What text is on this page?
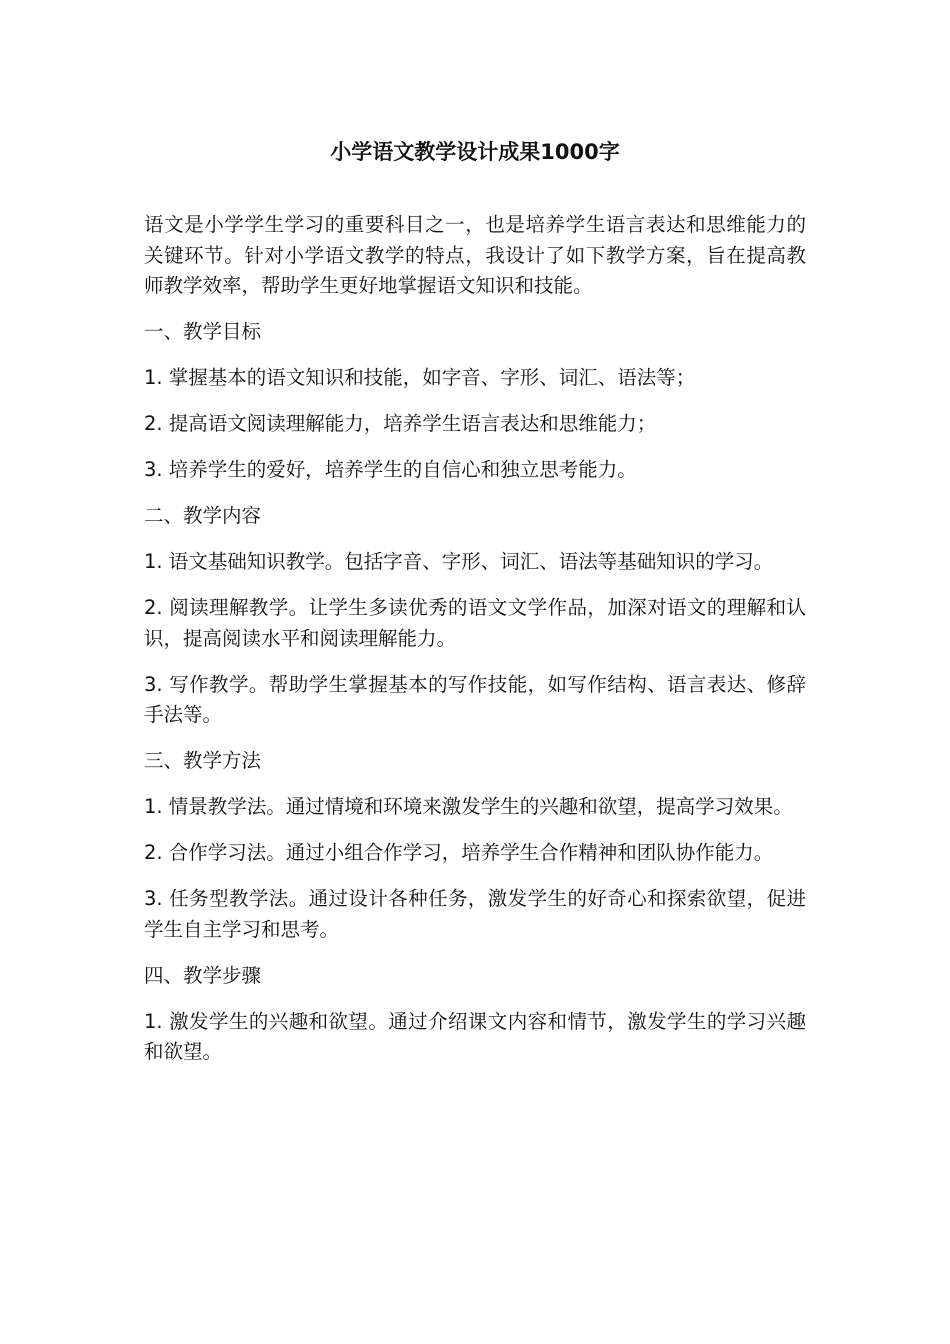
小学语文教学设计成果1000字

语文是小学学生学习的重要科目之一，也是培养学生语言表达和思维能力的关键环节。针对小学语文教学的特点，我设计了如下教学方案，旨在提高教师教学效率，帮助学生更好地掌握语文知识和技能。

一、教学目标

1. 掌握基本的语文知识和技能，如字音、字形、词汇、语法等；

2. 提高语文阅读理解能力，培养学生语言表达和思维能力；

3. 培养学生的爱好，培养学生的自信心和独立思考能力。

二、教学内容

1. 语文基础知识教学。包括字音、字形、词汇、语法等基础知识的学习。

2. 阅读理解教学。让学生多读优秀的语文文学作品，加深对语文的理解和认识，提高阅读水平和阅读理解能力。

3. 写作教学。帮助学生掌握基本的写作技能，如写作结构、语言表达、修辞手法等。

三、教学方法

1. 情景教学法。通过情境和环境来激发学生的兴趣和欲望，提高学习效果。

2. 合作学习法。通过小组合作学习，培养学生合作精神和团队协作能力。

3. 任务型教学法。通过设计各种任务，激发学生的好奇心和探索欲望，促进学生自主学习和思考。

四、教学步骤

1. 激发学生的兴趣和欲望。通过介绍课文内容和情节，激发学生的学习兴趣和欲望。
